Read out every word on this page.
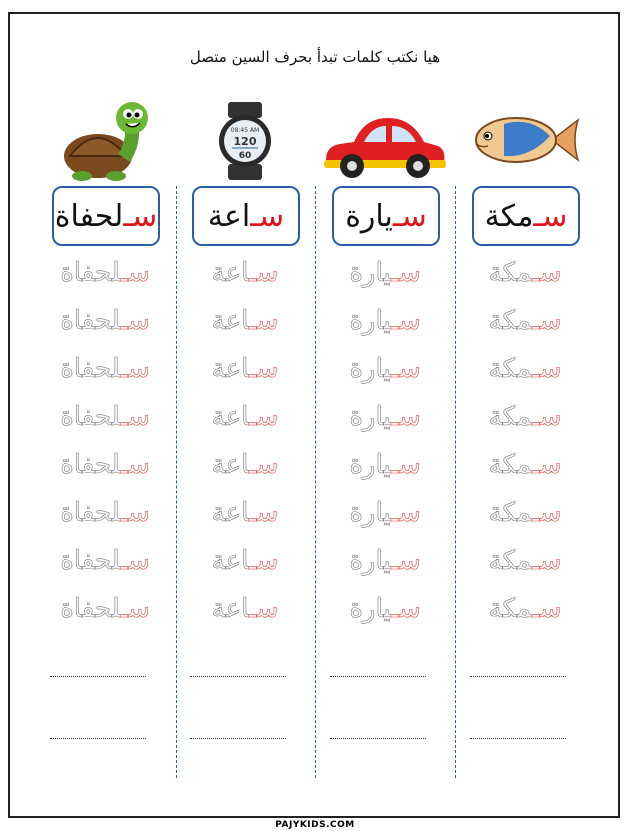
هيا نكتب كلمات تبدأ بحرف السين متصل
سـ
لحفاة
سـلحفاة
سـلحفاة
سـلحفاة
سـلحفاة
سـلحفاة
سـلحفاة
سـلحفاة
سـلحفاة
08:45 AM
120
60
سـ
اعة
سـاعة
سـاعة
سـاعة
سـاعة
سـاعة
سـاعة
سـاعة
سـاعة
سـ
يارة
سـيارة
سـيارة
سـيارة
سـيارة
سـيارة
سـيارة
سـيارة
سـيارة
سـ
مكة
سـمكة
سـمكة
سـمكة
سـمكة
سـمكة
سـمكة
سـمكة
سـمكة
PAJYKIDS.COM
